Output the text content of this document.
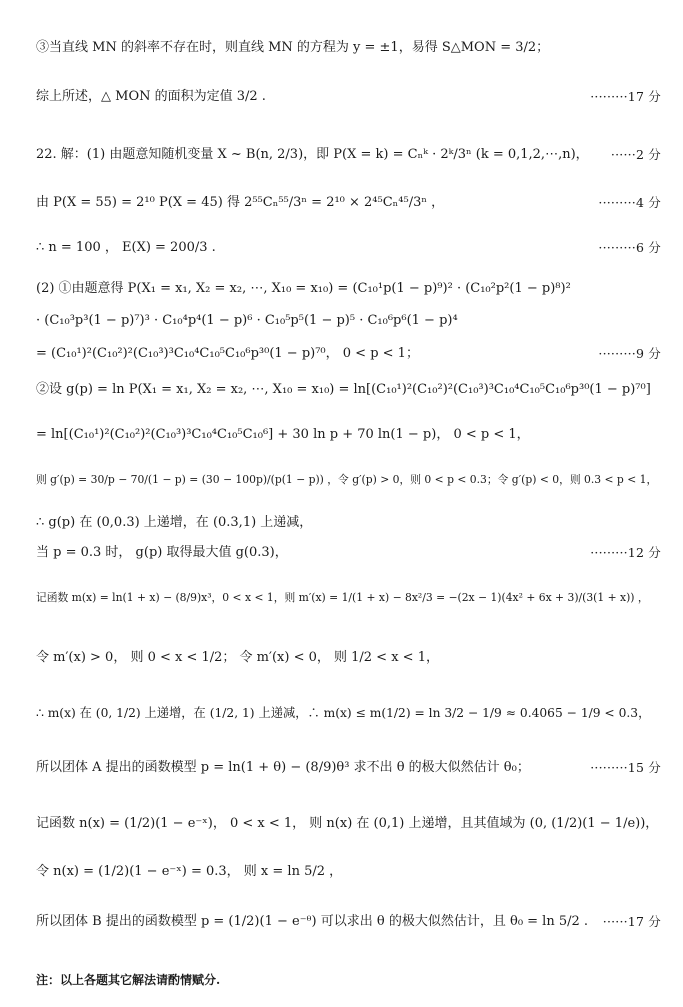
③当直线 MN 的斜率不存在时，则直线 MN 的方程为 y = ±1，易得 S△MON = 3/2；
综上所述，△ MON 的面积为定值 3/2 .	·········17 分
22. 解：(1) 由题意知随机变量 X ~ B(n, 2/3)，即 P(X = k) = Cₙᵏ · 2ᵏ/3ⁿ (k = 0,1,2,⋯,n)， ······2 分
由 P(X = 55) = 2¹⁰ P(X = 45) 得 2⁵⁵Cₙ⁵⁵/3ⁿ = 2¹⁰ × 2⁴⁵Cₙ⁴⁵/3ⁿ ，	·········4 分
∴ n = 100 ， E(X) = 200/3 .	·········6 分
(2) ①由题意得 P(X₁ = x₁, X₂ = x₂, ⋯, X₁₀ = x₁₀) = (C₁₀¹p(1 − p)⁹)² · (C₁₀²p²(1 − p)⁸)²
· (C₁₀³p³(1 − p)⁷)³ · C₁₀⁴p⁴(1 − p)⁶ · C₁₀⁵p⁵(1 − p)⁵ · C₁₀⁶p⁶(1 − p)⁴
= (C₁₀¹)²(C₁₀²)²(C₁₀³)³C₁₀⁴C₁₀⁵C₁₀⁶p³⁰(1 − p)⁷⁰， 0 < p < 1；	·········9 分
②设 g(p) = ln P(X₁ = x₁, X₂ = x₂, ⋯, X₁₀ = x₁₀) = ln[(C₁₀¹)²(C₁₀²)²(C₁₀³)³C₁₀⁴C₁₀⁵C₁₀⁶p³⁰(1 − p)⁷⁰]
= ln[(C₁₀¹)²(C₁₀²)²(C₁₀³)³C₁₀⁴C₁₀⁵C₁₀⁶] + 30 ln p + 70 ln(1 − p)， 0 < p < 1，
则 g′(p) = 30/p − 70/(1 − p) = (30 − 100p)/(p(1 − p)) ，令 g′(p) > 0，则 0 < p < 0.3；令 g′(p) < 0，则 0.3 < p < 1，
∴ g(p) 在 (0,0.3) 上递增，在 (0.3,1) 上递减，
当 p = 0.3 时， g(p) 取得最大值 g(0.3)，	·········12 分
记函数 m(x) = ln(1 + x) − (8/9)x³，0 < x < 1，则 m′(x) = 1/(1 + x) − 8x²/3 = −(2x − 1)(4x² + 6x + 3)/(3(1 + x)) ，
令 m′(x) > 0， 则 0 < x < 1/2； 令 m′(x) < 0， 则 1/2 < x < 1，
∴ m(x) 在 (0, 1/2) 上递增，在 (1/2, 1) 上递减，∴ m(x) ≤ m(1/2) = ln 3/2 − 1/9 ≈ 0.4065 − 1/9 < 0.3，
所以团体 A 提出的函数模型 p = ln(1 + θ) − (8/9)θ³ 求不出 θ 的极大似然估计 θ₀；	·········15 分
记函数 n(x) = (1/2)(1 − e⁻ˣ)， 0 < x < 1， 则 n(x) 在 (0,1) 上递增，且其值域为 (0, (1/2)(1 − 1/e))，
令 n(x) = (1/2)(1 − e⁻ˣ) = 0.3， 则 x = ln 5/2 ，
所以团体 B 提出的函数模型 p = (1/2)(1 − e⁻ᶿ) 可以求出 θ 的极大似然估计，且 θ₀ = ln 5/2 . ······17 分
注：以上各题其它解法请酌情赋分.
